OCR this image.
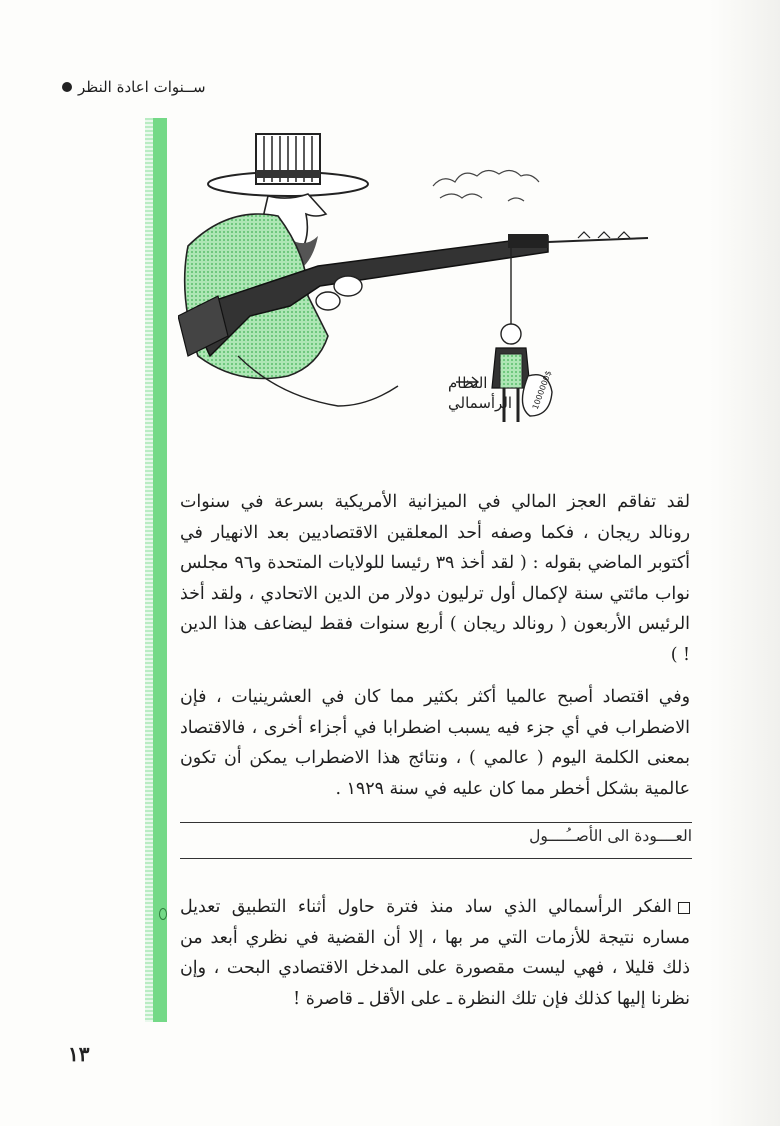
ســنوات اعادة النظر
1000000$
النظام
الرأسمالي

لقد تفاقم العجز المالي في الميزانية الأمريكية بسرعة في سنوات رونالد ريجان ، فكما وصفه أحد المعلقين الاقتصاديين بعد الانهيار في أكتوبر الماضي بقوله : ( لقد أخذ ٣٩ رئيسا للولايات المتحدة و٩٦ مجلس نواب مائتي سنة لإكمال أول ترليون دولار من الدين الاتحادي ، ولقد أخذ الرئيس الأربعون ( رونالد ريجان ) أربع سنوات فقط ليضاعف هذا الدين ! )

وفي اقتصاد أصبح عالميا أكثر بكثير مما كان في العشرينيات ، فإن الاضطراب في أي جزء فيه يسبب اضطرابا في أجزاء أخرى ، فالاقتصاد بمعنى الكلمة اليوم ( عالمي ) ، ونتائج هذا الاضطراب يمكن أن تكون عالمية بشكل أخطر مما كان عليه في سنة ١٩٢٩ .

العــــودة الى الأصــُــــول

الفكر الرأسمالي الذي ساد منذ فترة حاول أثناء التطبيق تعديل مساره نتيجة للأزمات التي مر بها ، إلا أن القضية في نظري أبعد من ذلك قليلا ، فهي ليست مقصورة على المدخل الاقتصادي البحت ، وإن نظرنا إليها كذلك فإن تلك النظرة ـ على الأقل ـ قاصرة !

١٣
